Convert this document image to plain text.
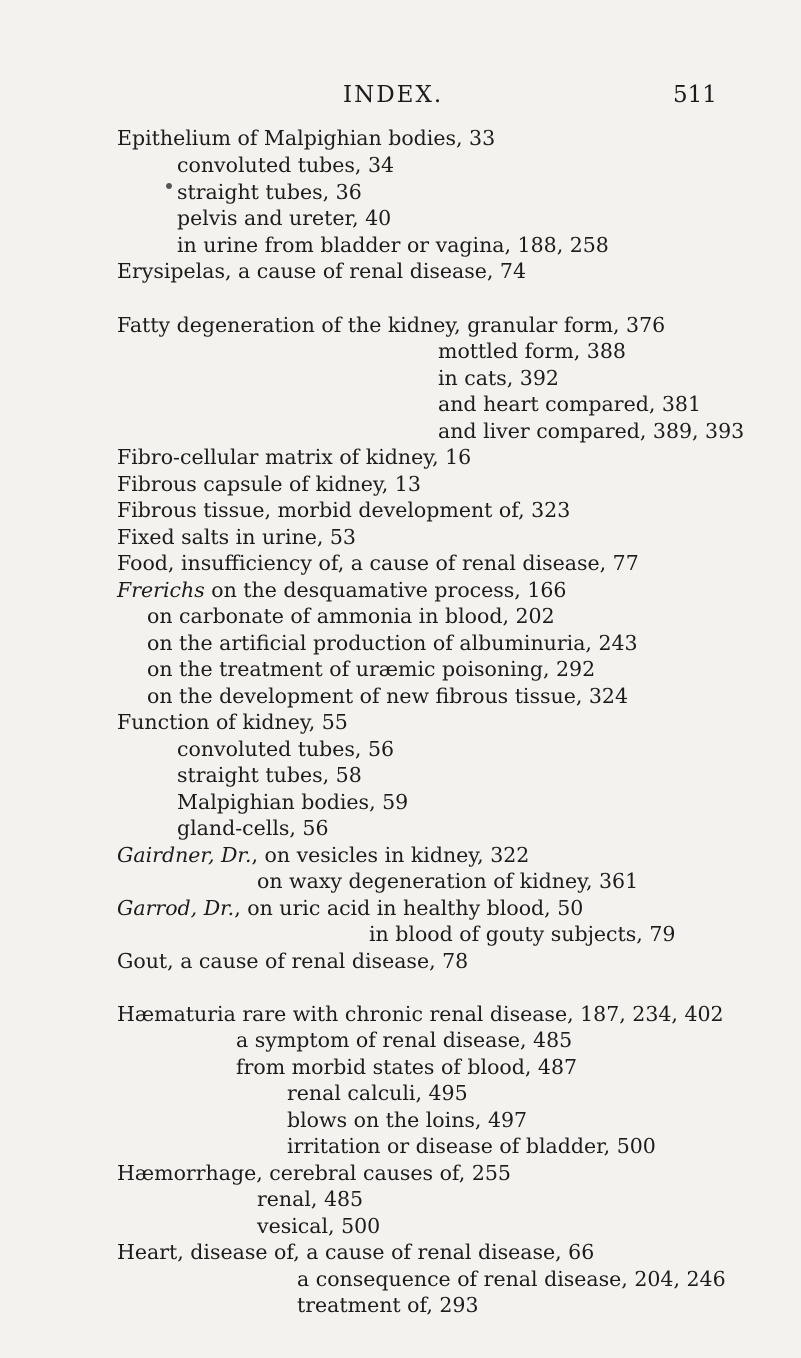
INDEX.	511
Epithelium of Malpighian bodies, 33
convoluted tubes, 34
straight tubes, 36
pelvis and ureter, 40
in urine from bladder or vagina, 188, 258
Erysipelas, a cause of renal disease, 74
Fatty degeneration of the kidney, granular form, 376
mottled form, 388
in cats, 392
and heart compared, 381
and liver compared, 389, 393
Fibro-cellular matrix of kidney, 16
Fibrous capsule of kidney, 13
Fibrous tissue, morbid development of, 323
Fixed salts in urine, 53
Food, insufficiency of, a cause of renal disease, 77
Frerichs on the desquamative process, 166
on carbonate of ammonia in blood, 202
on the artificial production of albuminuria, 243
on the treatment of uræmic poisoning, 292
on the development of new fibrous tissue, 324
Function of kidney, 55
convoluted tubes, 56
straight tubes, 58
Malpighian bodies, 59
gland-cells, 56
Gairdner, Dr., on vesicles in kidney, 322
on waxy degeneration of kidney, 361
Garrod, Dr., on uric acid in healthy blood, 50
in blood of gouty subjects, 79
Gout, a cause of renal disease, 78
Hæmaturia rare with chronic renal disease, 187, 234, 402
a symptom of renal disease, 485
from morbid states of blood, 487
renal calculi, 495
blows on the loins, 497
irritation or disease of bladder, 500
Hæmorrhage, cerebral causes of, 255
renal, 485
vesical, 500
Heart, disease of, a cause of renal disease, 66
a consequence of renal disease, 204, 246
treatment of, 293
